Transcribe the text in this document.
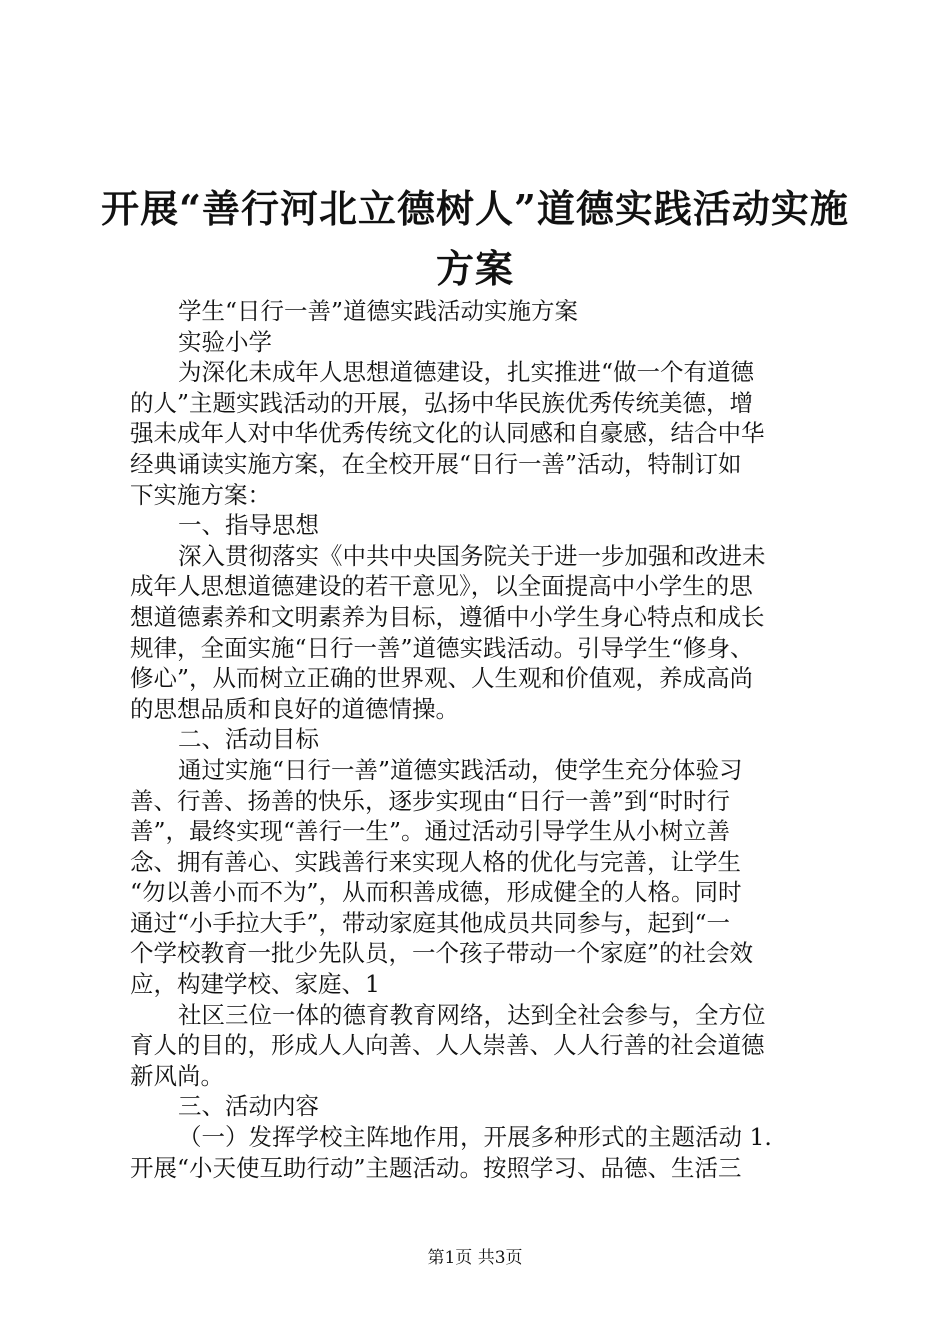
开展“善行河北立德树人”道德实践活动实施
方案
学生“日行一善”道德实践活动实施方案
实验小学
为深化未成年人思想道德建设，扎实推进“做一个有道德
的人”主题实践活动的开展，弘扬中华民族优秀传统美德，增
强未成年人对中华优秀传统文化的认同感和自豪感，结合中华
经典诵读实施方案，在全校开展“日行一善”活动，特制订如
下实施方案：
一、指导思想
深入贯彻落实《中共中央国务院关于进一步加强和改进未
成年人思想道德建设的若干意见》，以全面提高中小学生的思
想道德素养和文明素养为目标，遵循中小学生身心特点和成长
规律，全面实施“日行一善”道德实践活动。引导学生“修身、
修心”，从而树立正确的世界观、人生观和价值观，养成高尚
的思想品质和良好的道德情操。
二、活动目标
通过实施“日行一善”道德实践活动，使学生充分体验习
善、行善、扬善的快乐，逐步实现由“日行一善”到“时时行
善”，最终实现“善行一生”。通过活动引导学生从小树立善
念、拥有善心、实践善行来实现人格的优化与完善，让学生
“勿以善小而不为”，从而积善成德，形成健全的人格。同时
通过“小手拉大手”，带动家庭其他成员共同参与，起到“一
个学校教育一批少先队员，一个孩子带动一个家庭”的社会效
应，构建学校、家庭、1
社区三位一体的德育教育网络，达到全社会参与，全方位
育人的目的，形成人人向善、人人崇善、人人行善的社会道德
新风尚。
三、活动内容
（一）发挥学校主阵地作用，开展多种形式的主题活动 1.
开展“小天使互助行动”主题活动。按照学习、品德、生活三
第1页 共3页
